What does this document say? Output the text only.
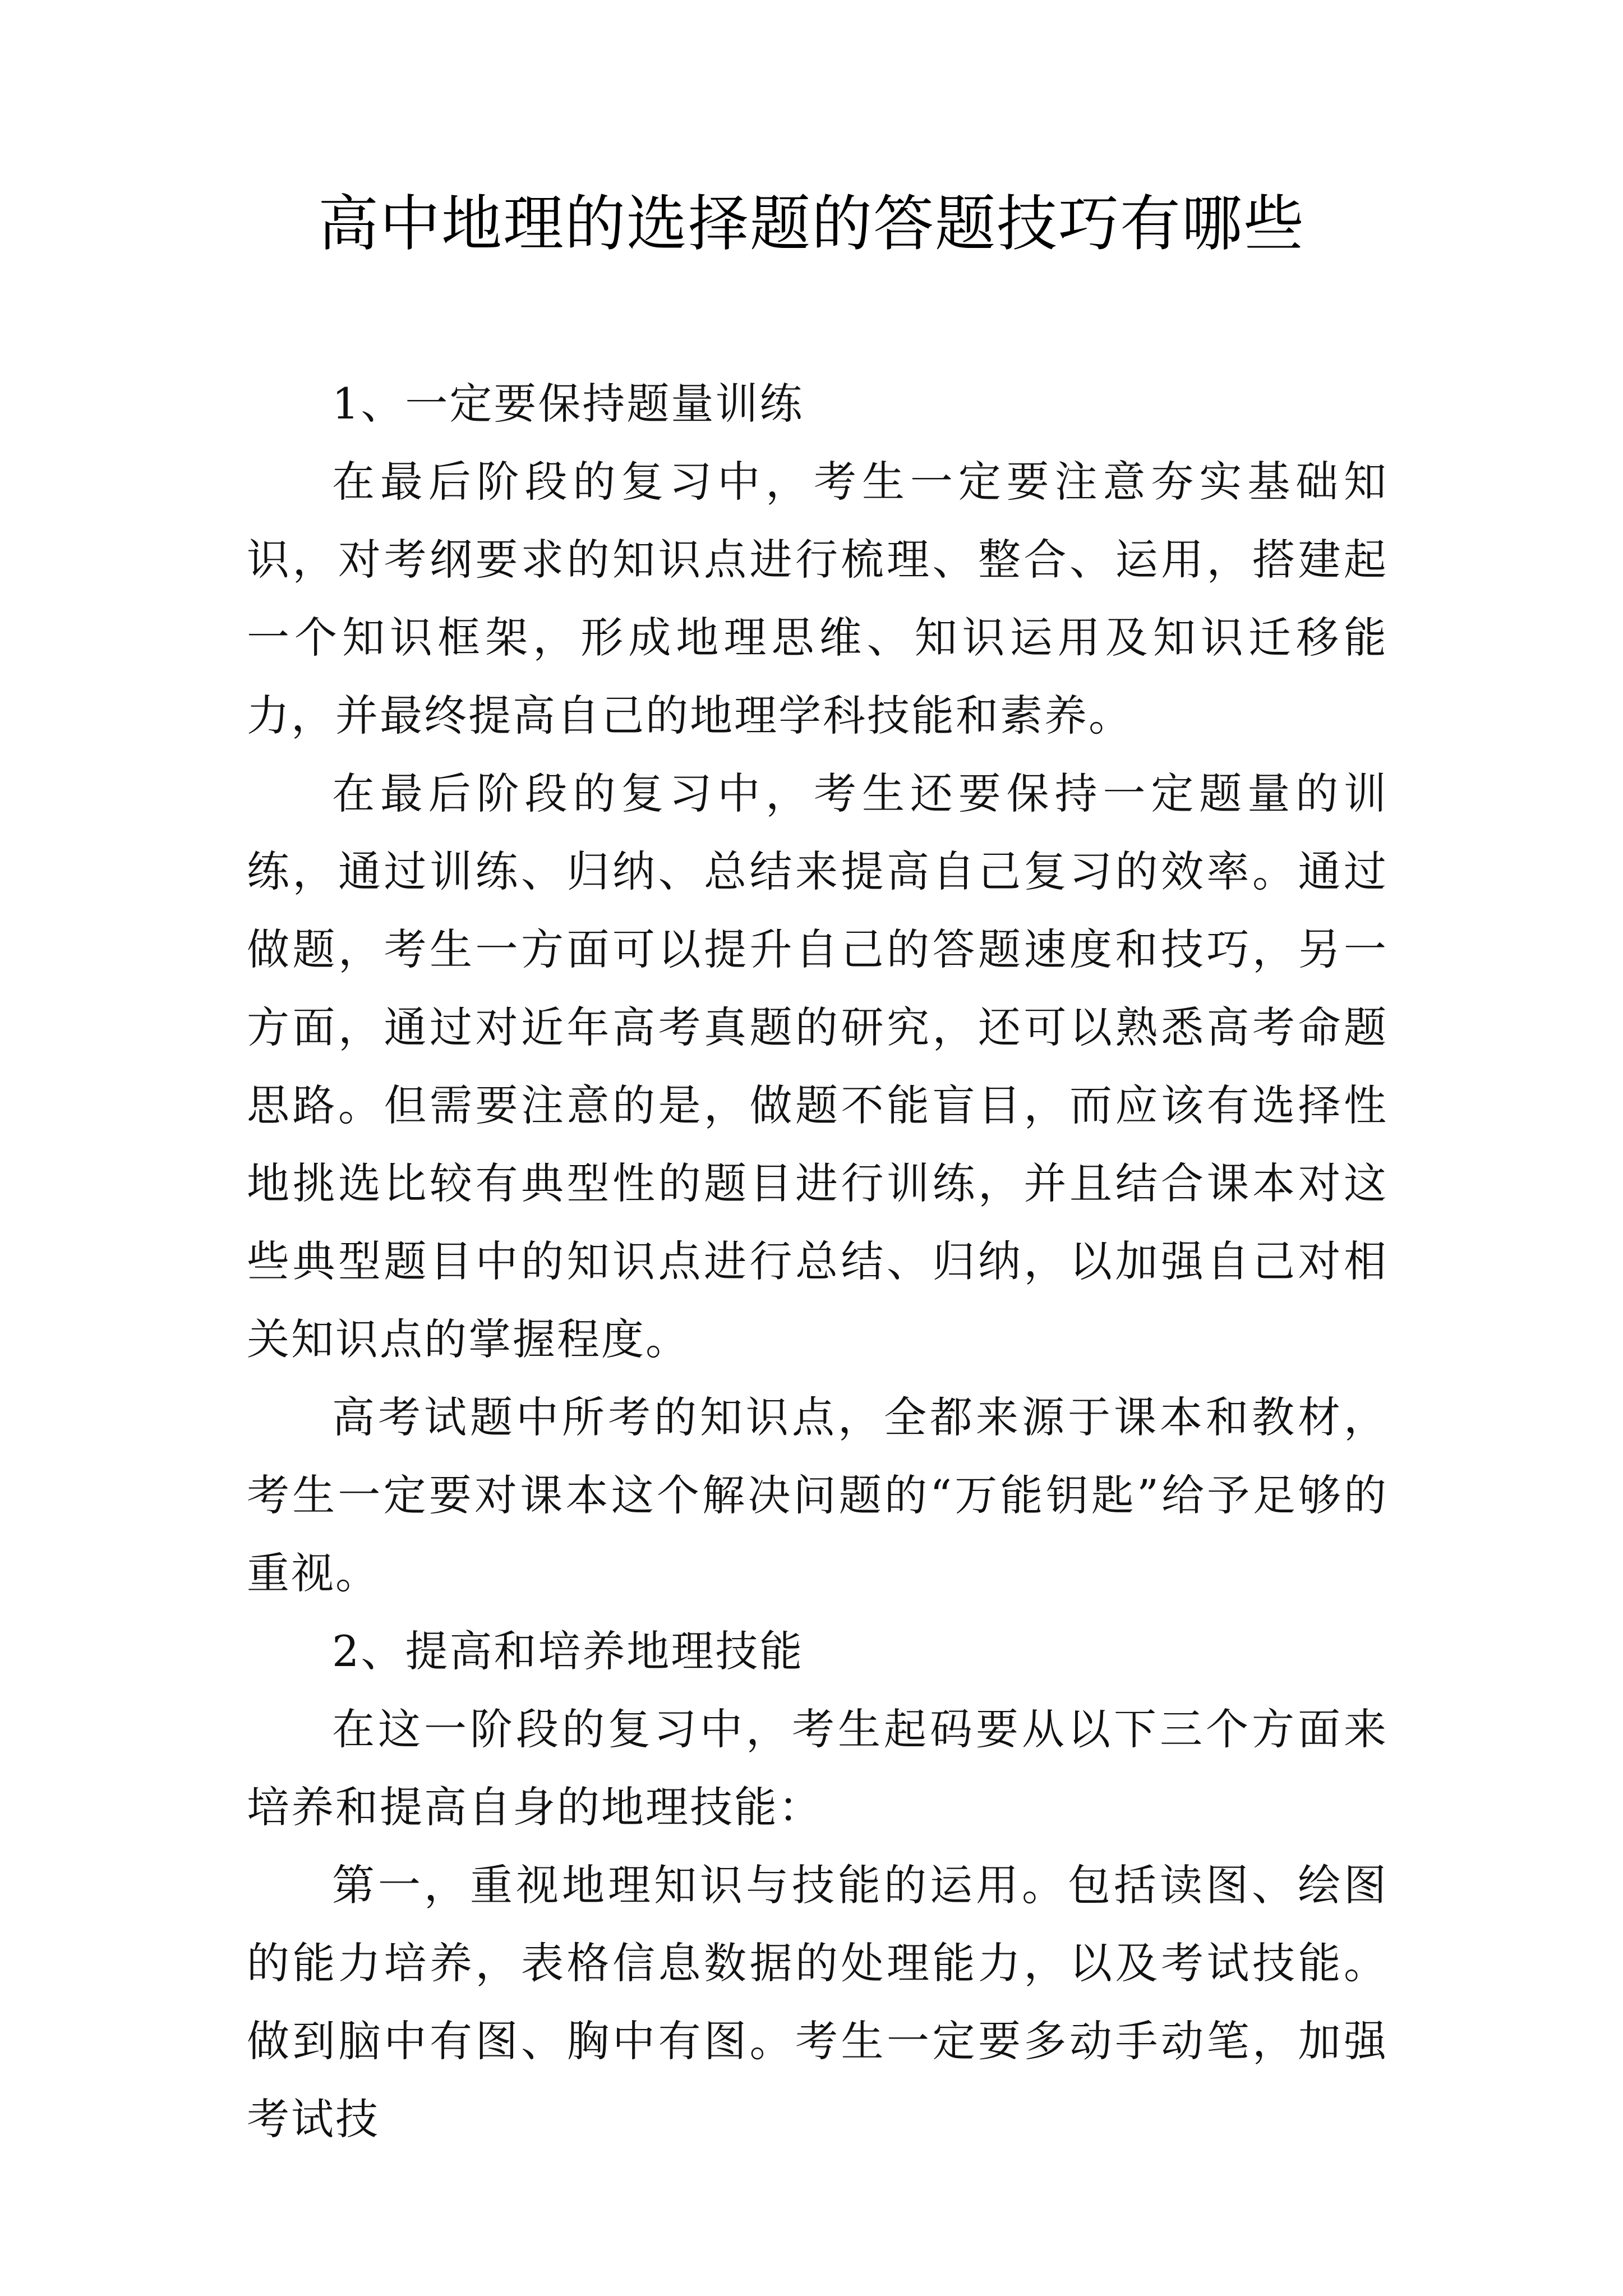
高中地理的选择题的答题技巧有哪些

1、一定要保持题量训练

在最后阶段的复习中，考生一定要注意夯实基础知识，对考纲要求的知识点进行梳理、整合、运用，搭建起一个知识框架，形成地理思维、知识运用及知识迁移能力，并最终提高自己的地理学科技能和素养。

在最后阶段的复习中，考生还要保持一定题量的训练，通过训练、归纳、总结来提高自己复习的效率。通过做题，考生一方面可以提升自己的答题速度和技巧，另一方面，通过对近年高考真题的研究，还可以熟悉高考命题思路。但需要注意的是，做题不能盲目，而应该有选择性地挑选比较有典型性的题目进行训练，并且结合课本对这些典型题目中的知识点进行总结、归纳，以加强自己对相关知识点的掌握程度。

高考试题中所考的知识点，全都来源于课本和教材，考生一定要对课本这个解决问题的“万能钥匙”给予足够的重视。

2、提高和培养地理技能

在这一阶段的复习中，考生起码要从以下三个方面来培养和提高自身的地理技能：

第一，重视地理知识与技能的运用。包括读图、绘图的能力培养，表格信息数据的处理能力，以及考试技能。做到脑中有图、胸中有图。考生一定要多动手动笔，加强考试技
